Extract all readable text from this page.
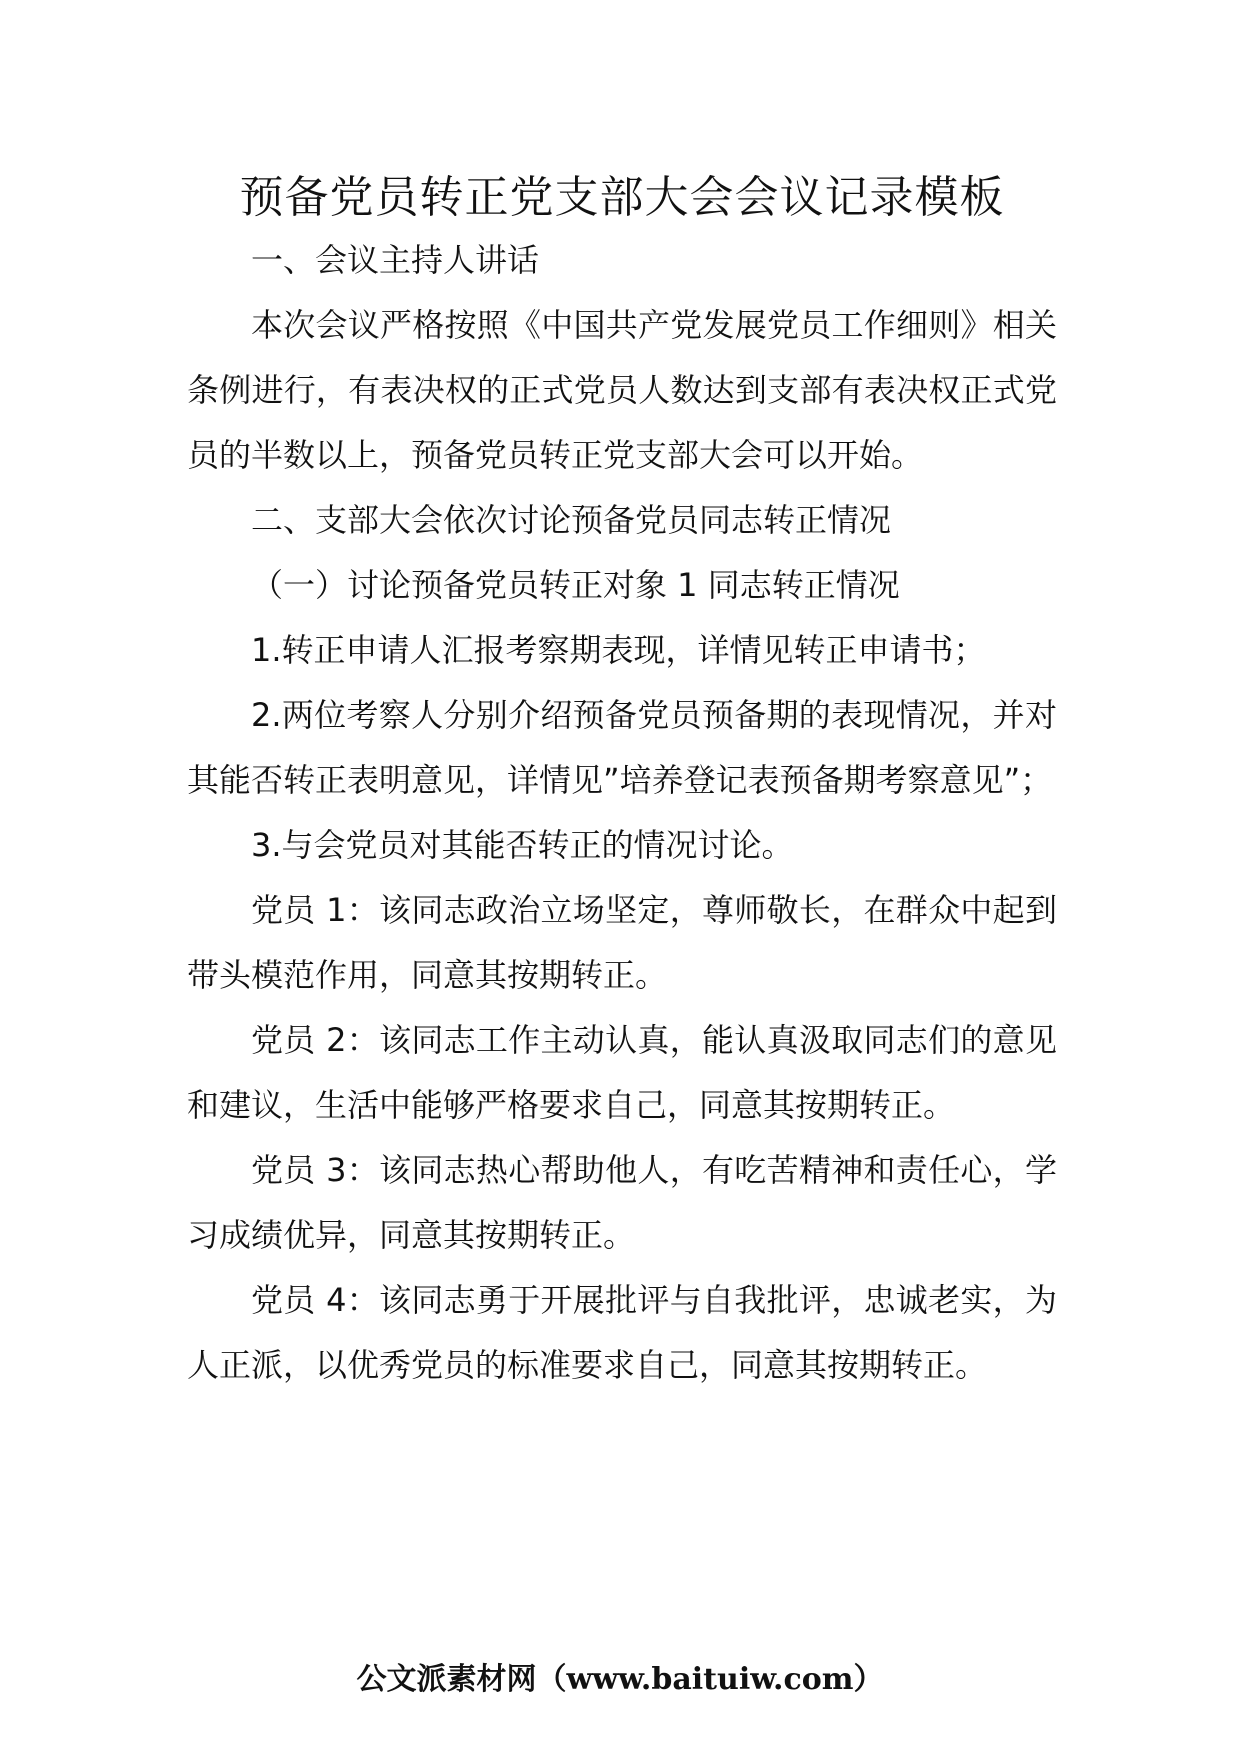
预备党员转正党支部大会会议记录模板

一、会议主持人讲话

本次会议严格按照《中国共产党发展党员工作细则》相关条例进行，有表决权的正式党员人数达到支部有表决权正式党员的半数以上，预备党员转正党支部大会可以开始。

二、支部大会依次讨论预备党员同志转正情况

（一）讨论预备党员转正对象 1 同志转正情况

1.转正申请人汇报考察期表现，详情见转正申请书；

2.两位考察人分别介绍预备党员预备期的表现情况，并对其能否转正表明意见，详情见”培养登记表预备期考察意见”；

3.与会党员对其能否转正的情况讨论。

党员 1：该同志政治立场坚定，尊师敬长，在群众中起到带头模范作用，同意其按期转正。

党员 2：该同志工作主动认真，能认真汲取同志们的意见和建议，生活中能够严格要求自己，同意其按期转正。

党员 3：该同志热心帮助他人，有吃苦精神和责任心，学习成绩优异，同意其按期转正。

党员 4：该同志勇于开展批评与自我批评，忠诚老实，为人正派，以优秀党员的标准要求自己，同意其按期转正。

公文派素材网（www.baituiw.com）
